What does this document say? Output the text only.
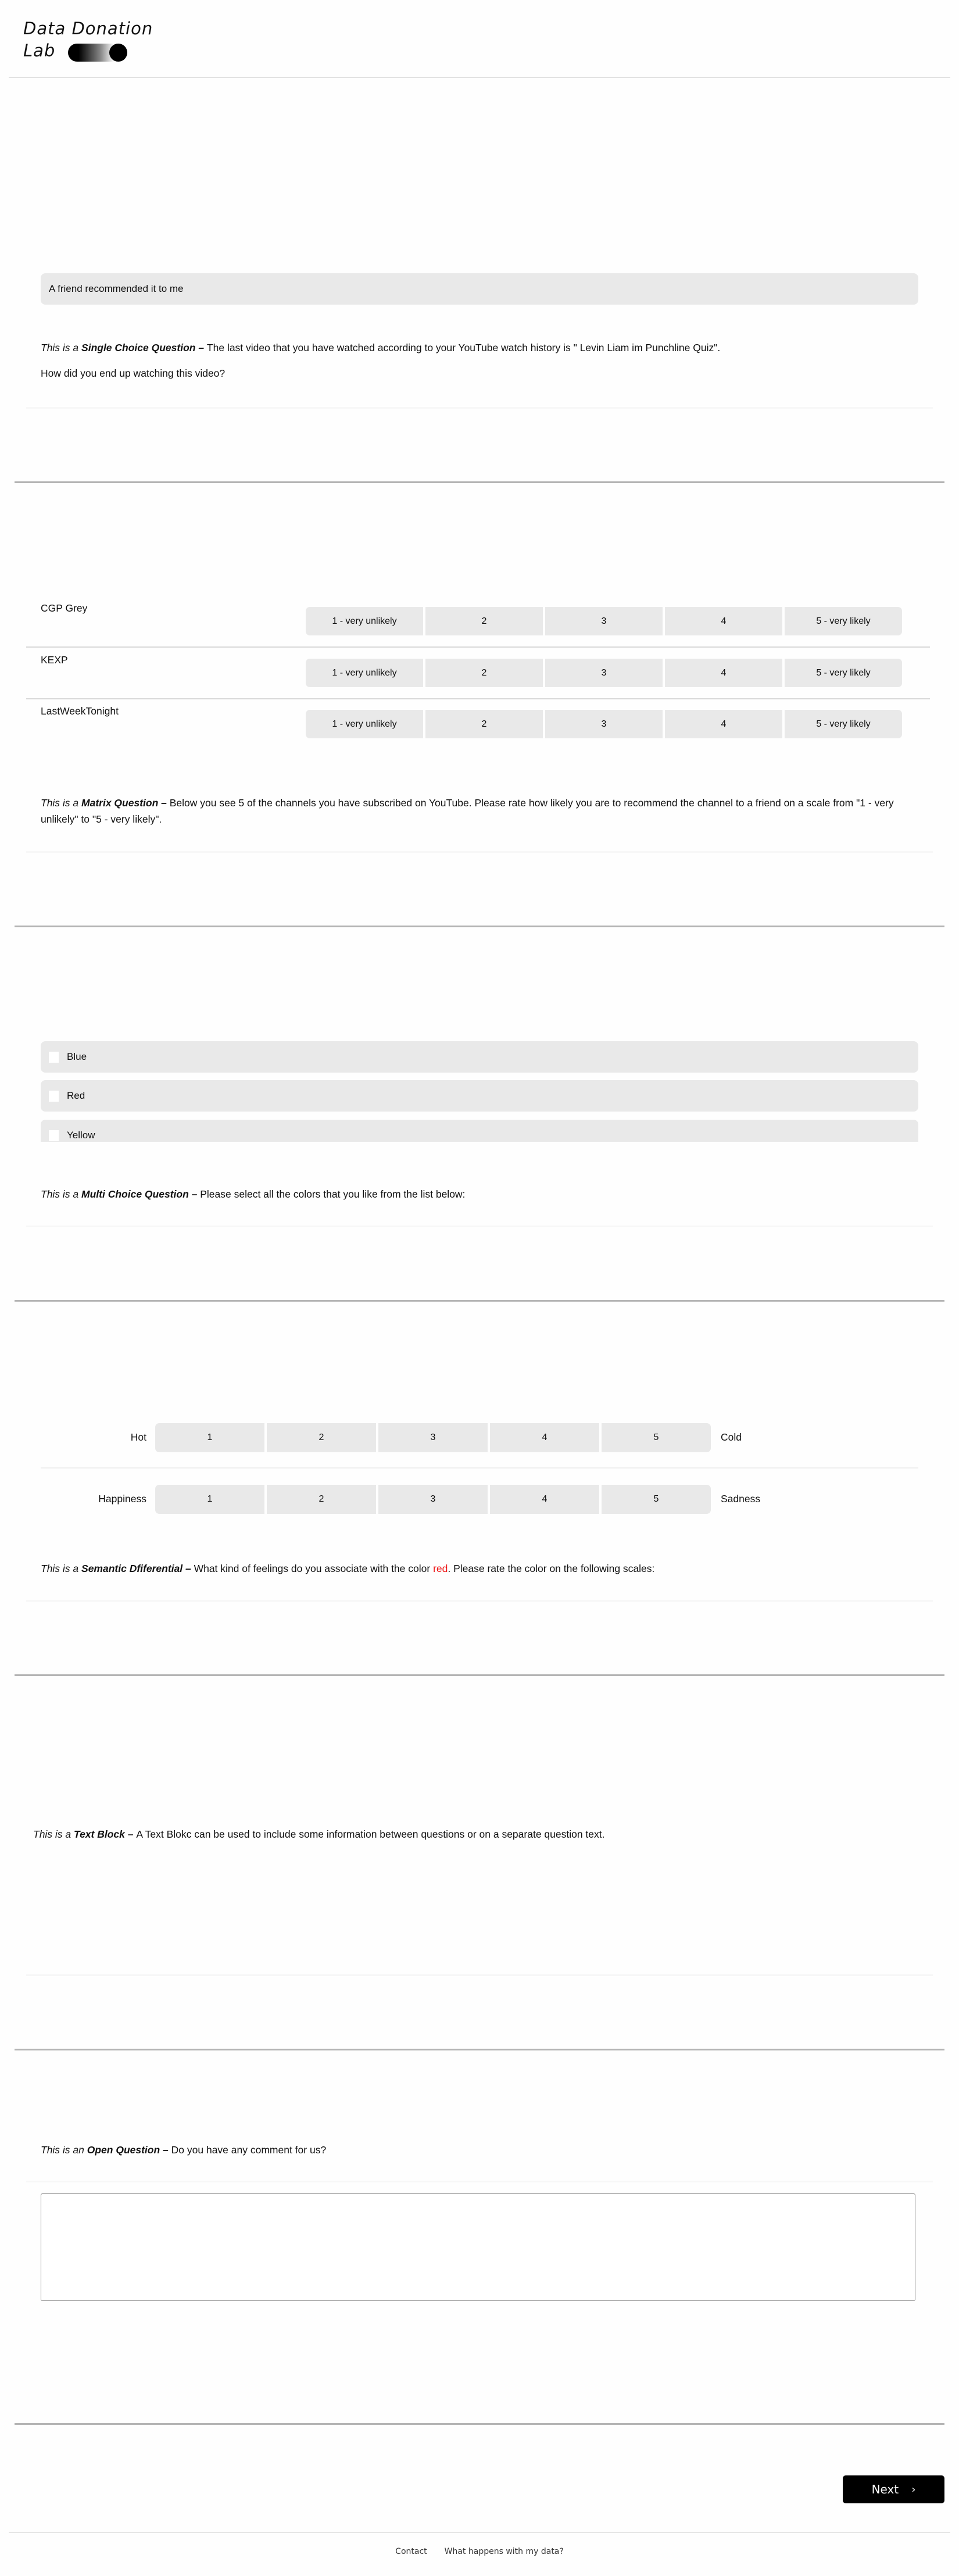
Data Donation
Lab
A friend recommended it to me
This is a Single Choice Question – The last video that you have watched according to your YouTube watch history is " Levin Liam im Punchline Quiz".
How did you end up watching this video?
CGP Grey
1 - very unlikely	2	3	4	5 - very likely
KEXP
1 - very unlikely	2	3	4	5 - very likely
LastWeekTonight
1 - very unlikely	2	3	4	5 - very likely
This is a Matrix Question – Below you see 5 of the channels you have subscribed on YouTube. Please rate how likely you are to recommend the channel to a friend on a scale from "1 - very unlikely" to "5 - very likely".
Blue
Red
Yellow
This is a Multi Choice Question – Please select all the colors that you like from the list below:
Hot	1	2	3	4	5	Cold
Happiness	1	2	3	4	5	Sadness
This is a Semantic Dfiferential – What kind of feelings do you associate with the color red. Please rate the color on the following scales:
This is a Text Block – A Text Blokc can be used to include some information between questions or on a separate question text.
This is an Open Question – Do you have any comment for us?
Next ›
Contact What happens with my data?
